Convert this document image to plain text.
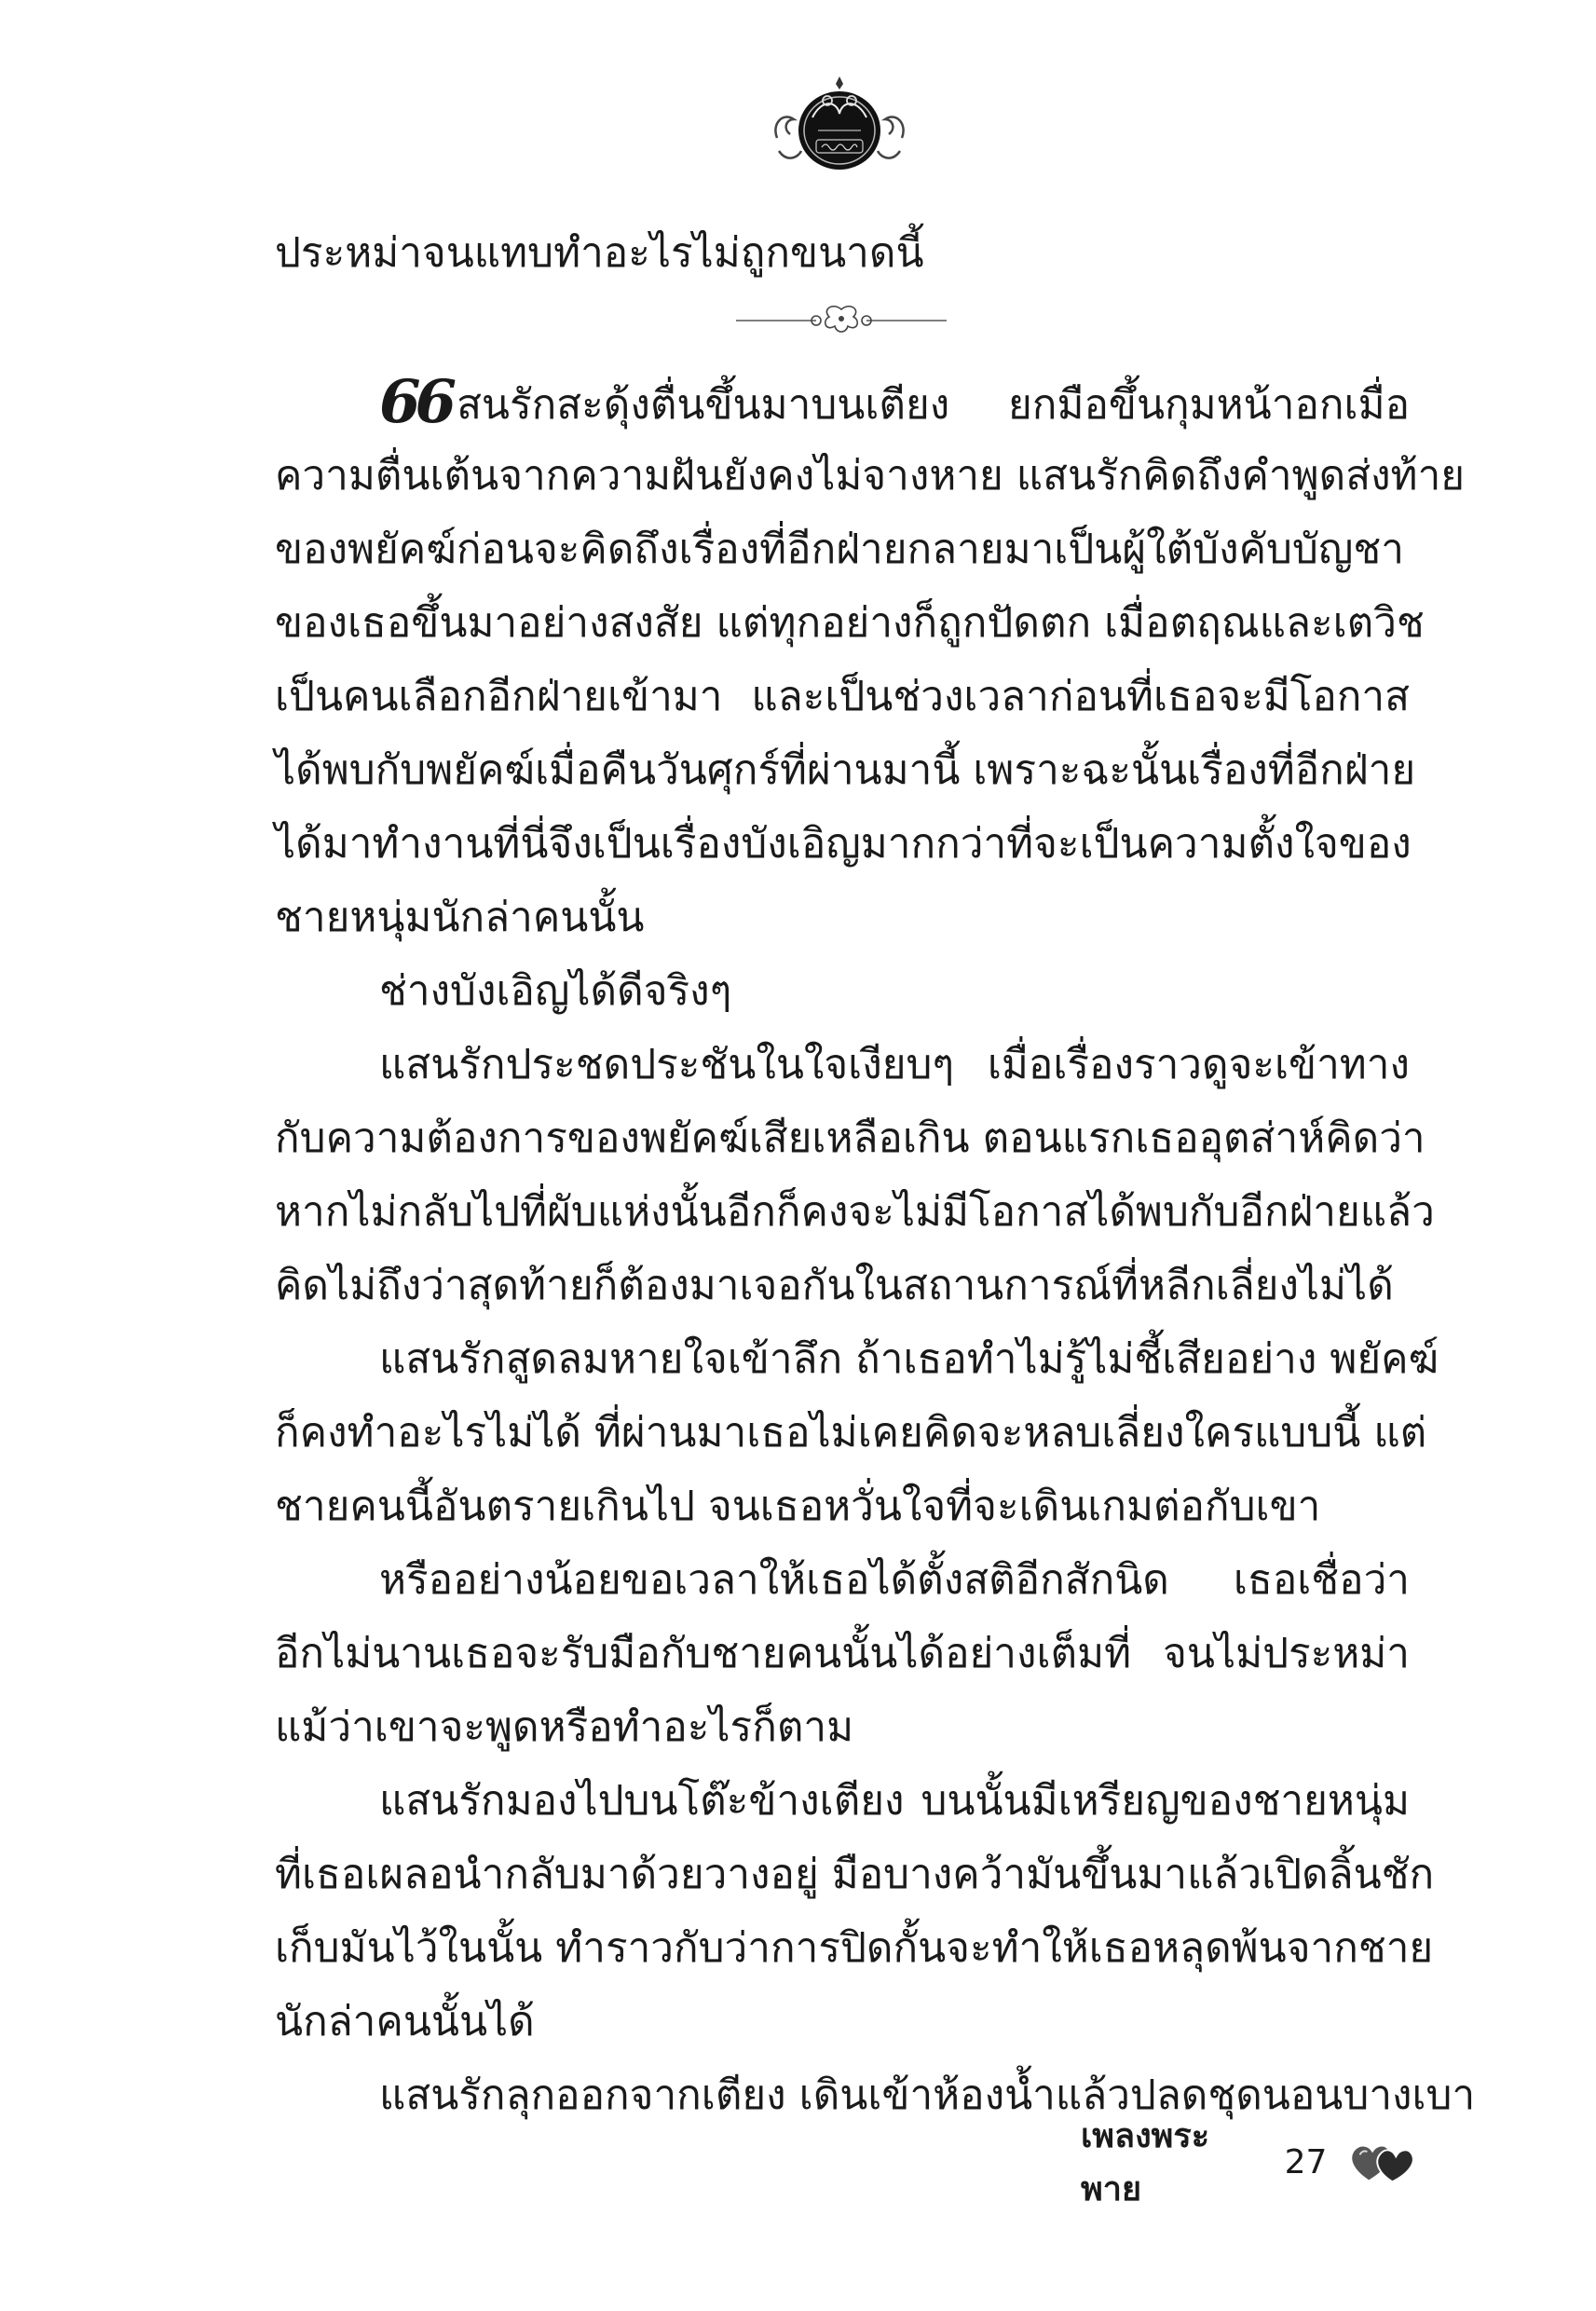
ประหม่าจนแทบทำอะไรไม่ถูกขนาดนี้
66 สนรักสะดุ้งตื่นขึ้นมาบนเตียง ยกมือขึ้นกุมหน้าอกเมื่อ
ความตื่นเต้นจากความฝันยังคงไม่จางหาย แสนรักคิดถึงคำพูดส่งท้าย
ของพยัคฆ์ก่อนจะคิดถึงเรื่องที่อีกฝ่ายกลายมาเป็นผู้ใต้บังคับบัญชา
ของเธอขึ้นมาอย่างสงสัย แต่ทุกอย่างก็ถูกปัดตก เมื่อตฤณและเตวิช
เป็นคนเลือกอีกฝ่ายเข้ามา และเป็นช่วงเวลาก่อนที่เธอจะมีโอกาส
ได้พบกับพยัคฆ์เมื่อคืนวันศุกร์ที่ผ่านมานี้ เพราะฉะนั้นเรื่องที่อีกฝ่าย
ได้มาทำงานที่นี่จึงเป็นเรื่องบังเอิญมากกว่าที่จะเป็นความตั้งใจของ
ชายหนุ่มนักล่าคนนั้น
ช่างบังเอิญได้ดีจริงๆ
แสนรักประชดประชันในใจเงียบๆ เมื่อเรื่องราวดูจะเข้าทาง
กับความต้องการของพยัคฆ์เสียเหลือเกิน ตอนแรกเธออุตส่าห์คิดว่า
หากไม่กลับไปที่ผับแห่งนั้นอีกก็คงจะไม่มีโอกาสได้พบกับอีกฝ่ายแล้ว
คิดไม่ถึงว่าสุดท้ายก็ต้องมาเจอกันในสถานการณ์ที่หลีกเลี่ยงไม่ได้
แสนรักสูดลมหายใจเข้าลึก ถ้าเธอทำไม่รู้ไม่ชี้เสียอย่าง พยัคฆ์
ก็คงทำอะไรไม่ได้ ที่ผ่านมาเธอไม่เคยคิดจะหลบเลี่ยงใครแบบนี้ แต่
ชายคนนี้อันตรายเกินไป จนเธอหวั่นใจที่จะเดินเกมต่อกับเขา
หรืออย่างน้อยขอเวลาให้เธอได้ตั้งสติอีกสักนิด เธอเชื่อว่า
อีกไม่นานเธอจะรับมือกับชายคนนั้นได้อย่างเต็มที่ จนไม่ประหม่า
แม้ว่าเขาจะพูดหรือทำอะไรก็ตาม
แสนรักมองไปบนโต๊ะข้างเตียง บนนั้นมีเหรียญของชายหนุ่ม
ที่เธอเผลอนำกลับมาด้วยวางอยู่ มือบางคว้ามันขึ้นมาแล้วเปิดลิ้นชัก
เก็บมันไว้ในนั้น ทำราวกับว่าการปิดกั้นจะทำให้เธอหลุดพ้นจากชาย
นักล่าคนนั้นได้
แสนรักลุกออกจากเตียง เดินเข้าห้องน้ำแล้วปลดชุดนอนบางเบา
เพลงพระพาย
27
